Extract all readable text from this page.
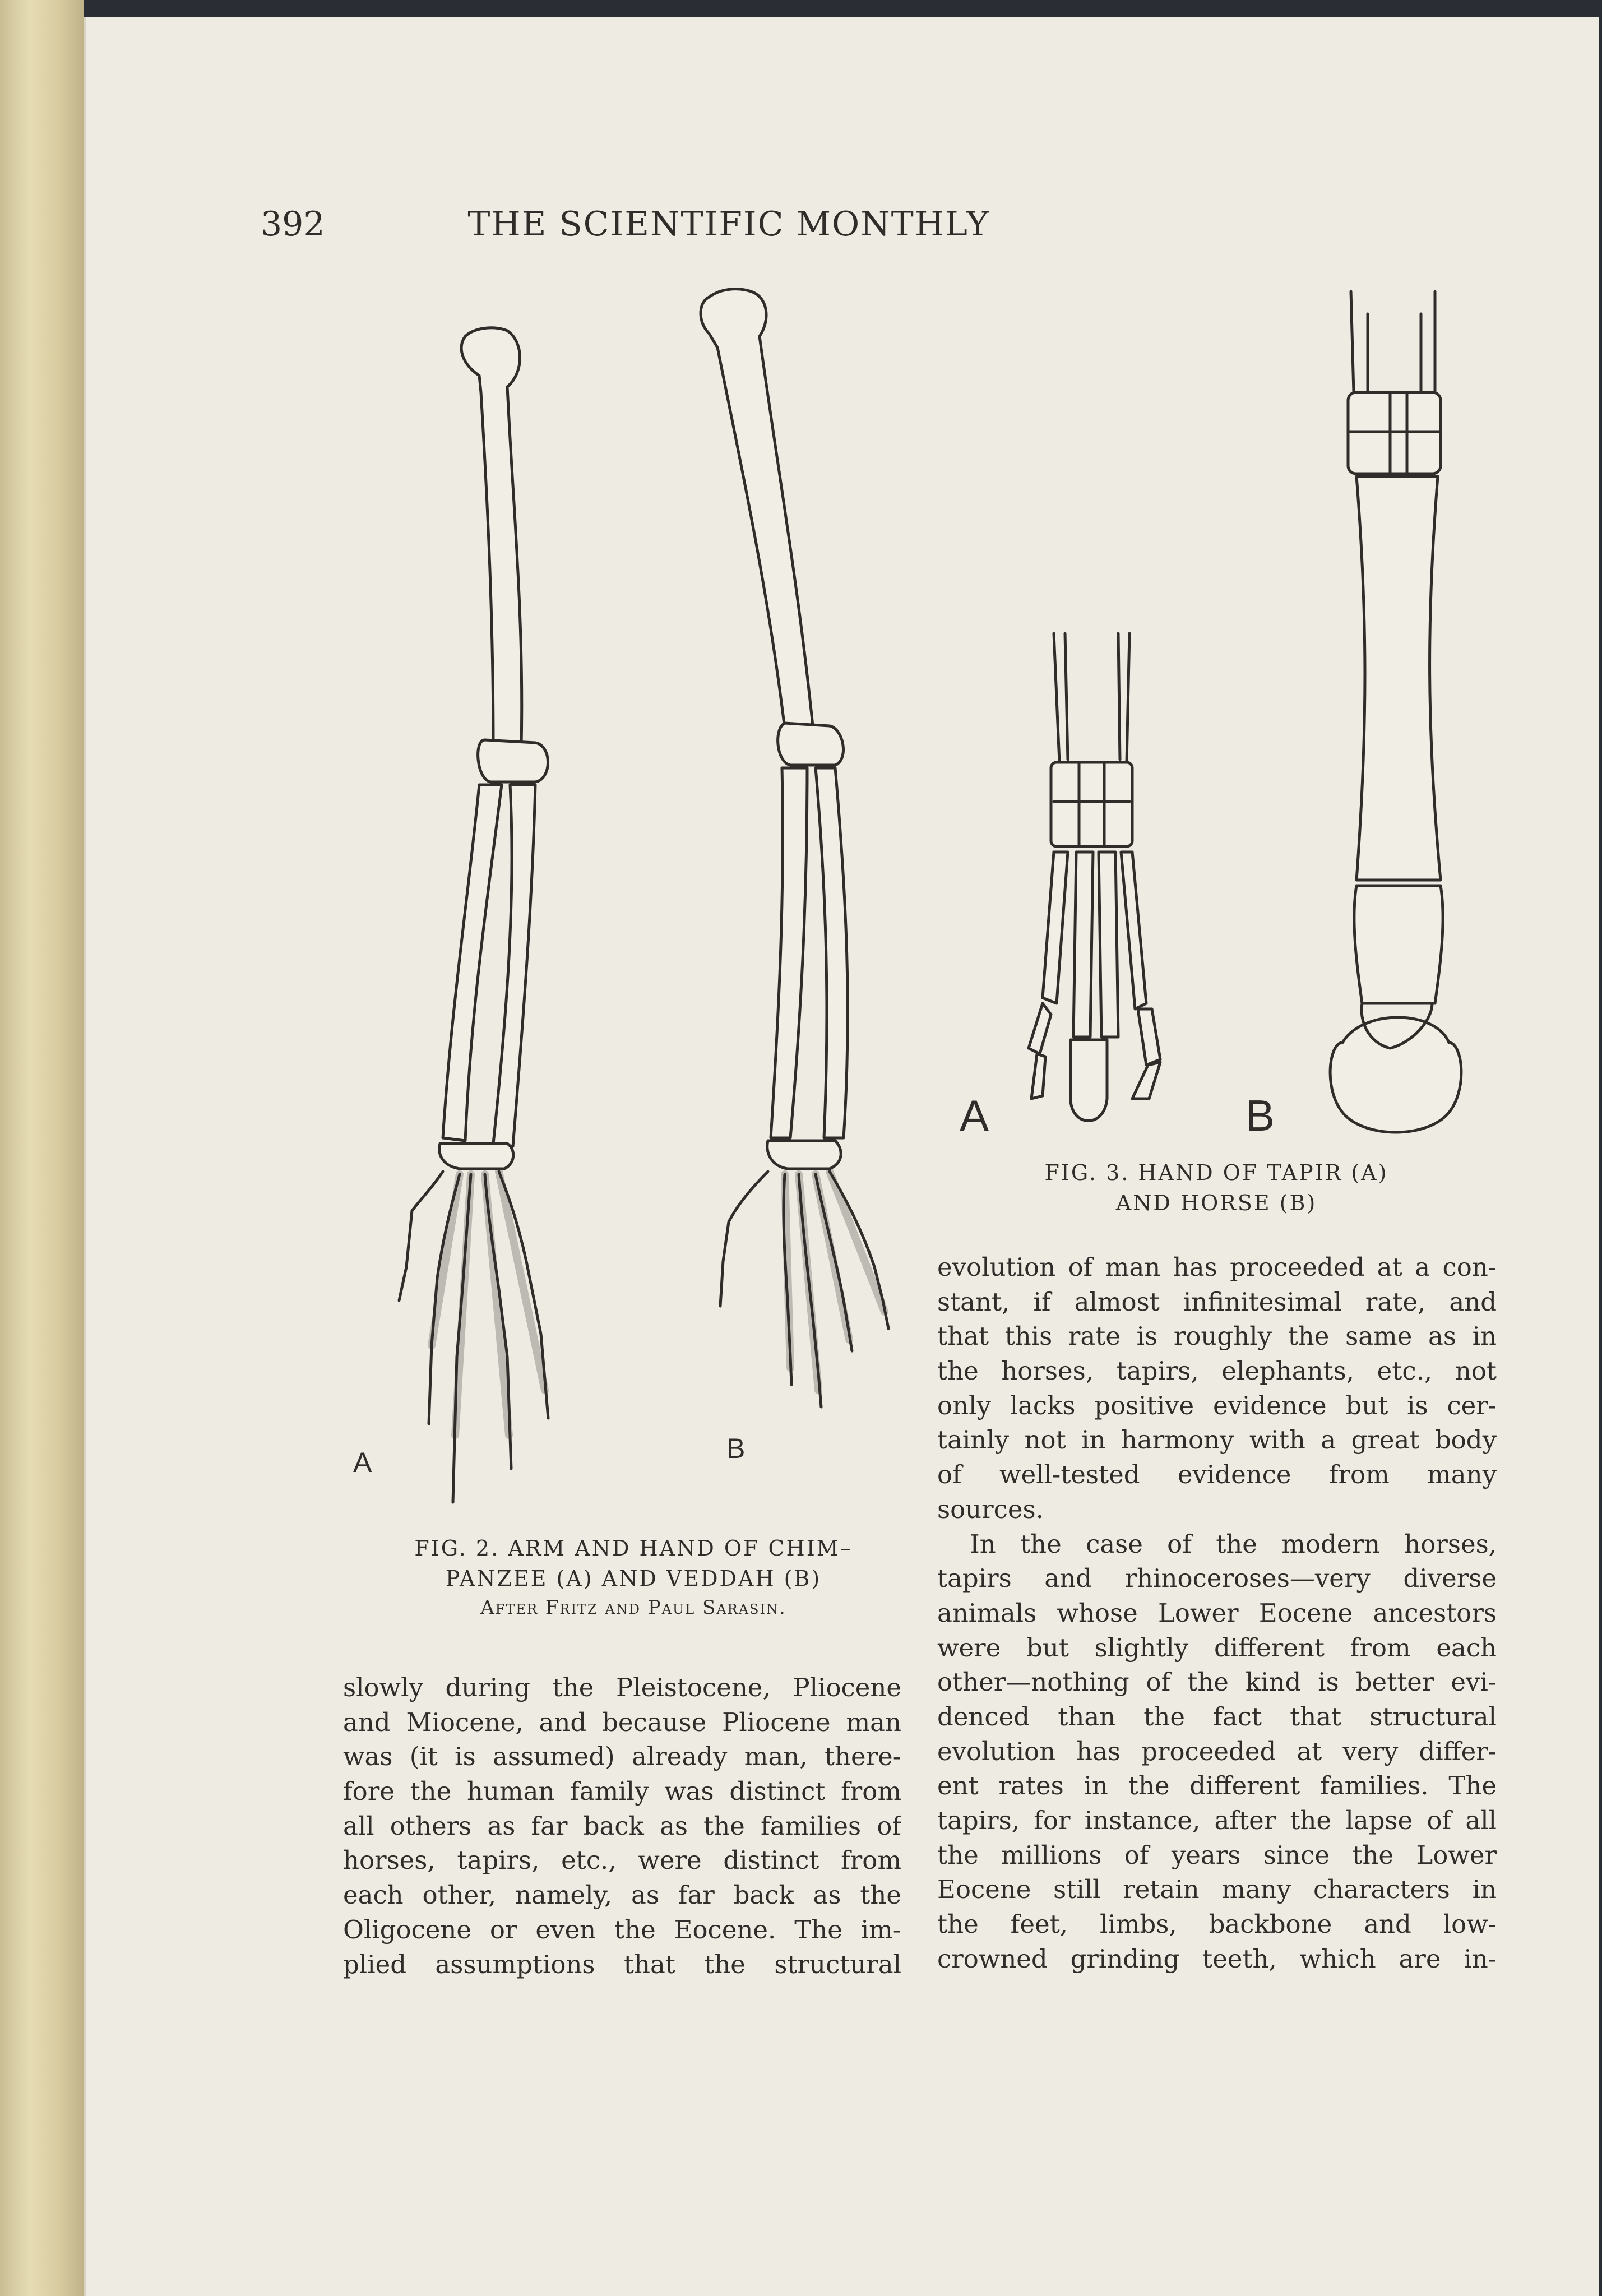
392	THE SCIENTIFIC MONTHLY
A	B
FIG. 2. ARM AND HAND OF CHIM–
PANZEE (A) AND VEDDAH (B)
After Fritz and Paul Sarasin.
A	B
FIG. 3. HAND OF TAPIR (A)
AND HORSE (B)
slowly during the Pleistocene, Pliocene
and Miocene, and because Pliocene man
was (it is assumed) already man, there-
fore the human family was distinct from
all others as far back as the families of
horses, tapirs, etc., were distinct from
each other, namely, as far back as the
Oligocene or even the Eocene. The im-
plied assumptions that the structural
evolution of man has proceeded at a con-
stant, if almost infinitesimal rate, and
that this rate is roughly the same as in
the horses, tapirs, elephants, etc., not
only lacks positive evidence but is cer-
tainly not in harmony with a great body
of well-tested evidence from many
sources.
In the case of the modern horses,
tapirs and rhinoceroses—very diverse
animals whose Lower Eocene ancestors
were but slightly different from each
other—nothing of the kind is better evi-
denced than the fact that structural
evolution has proceeded at very differ-
ent rates in the different families. The
tapirs, for instance, after the lapse of all
the millions of years since the Lower
Eocene still retain many characters in
the feet, limbs, backbone and low-
crowned grinding teeth, which are in-
